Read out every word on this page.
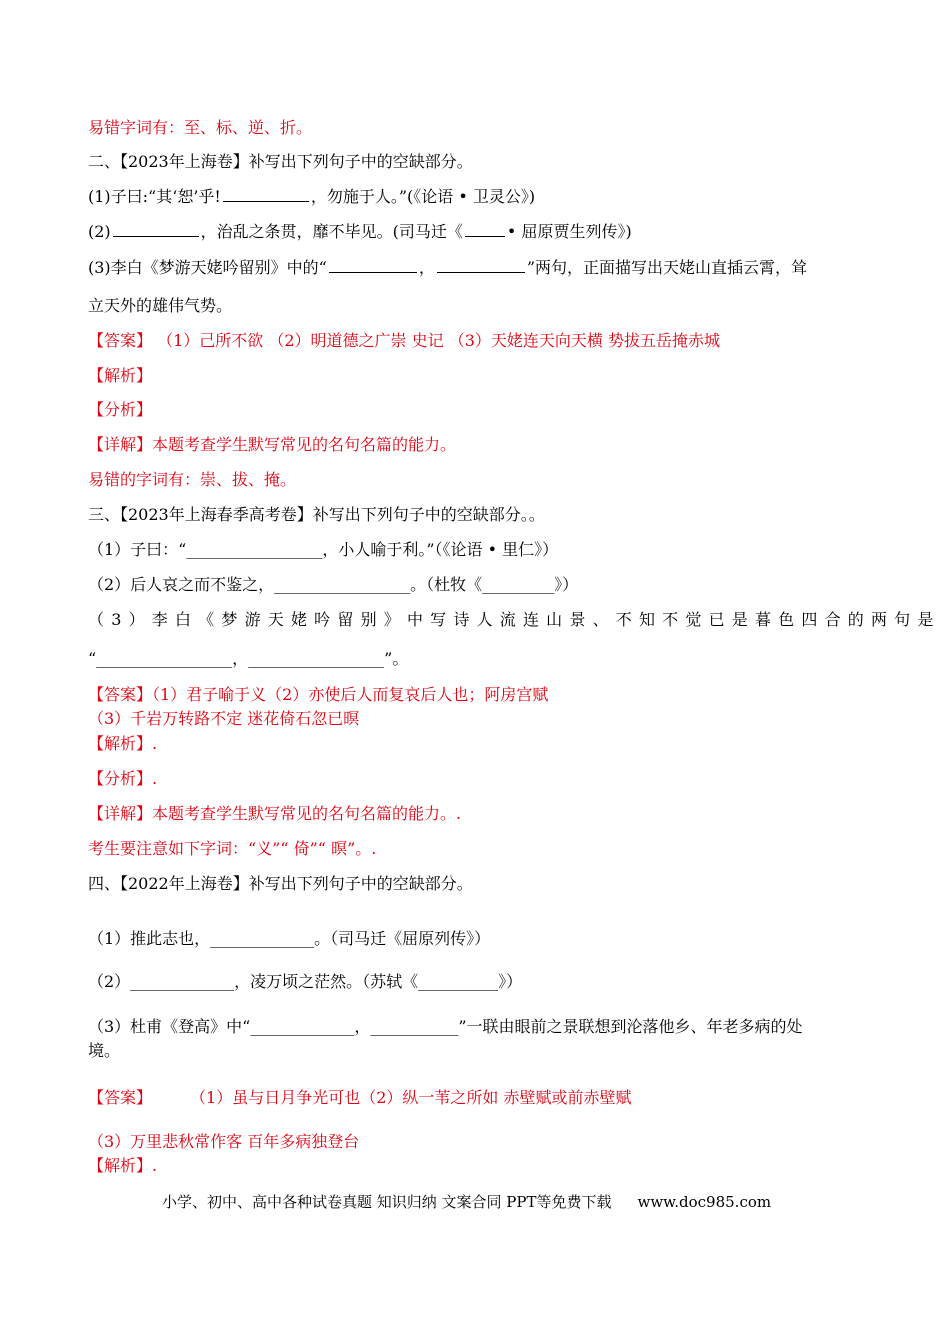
易错字词有：至、标、逆、折。
二、【2023年上海卷】补写出下列句子中的空缺部分。
(1)子曰:“其‘恕’乎!	，勿施于人。”(《论语 • 卫灵公》)
(2)	，治乱之条贯，靡不毕见。(司马迁《	• 屈原贾生列传》)
(3)李白《梦游天姥吟留别》中的“	，	”两句，正面描写出天姥山直插云霄，耸
立天外的雄伟气势。
【答案】 （1）己所不欲 （2）明道德之广崇 史记 （3）天姥连天向天横 势拔五岳掩赤城
【解析】
【分析】
【详解】本题考查学生默写常见的名句名篇的能力。
易错的字词有：崇、拔、掩。
三、【2023年上海春季高考卷】补写出下列句子中的空缺部分。。
（1）子曰：“_________________，小人喻于利。”（《论语 • 里仁》）
（2）后人哀之而不鉴之，_________________。（杜牧《_________》）
（3）李白《梦游天姥吟留别》中写诗人流连山景、不知不觉已是暮色四合的两句是
“_________________，_________________”。
【答案】（1）君子喻于义（2）亦使后人而复哀后人也；阿房宫赋
（3）千岩万转路不定 迷花倚石忽已暝
【解析】.
【分析】.
【详解】本题考查学生默写常见的名句名篇的能力。.
考生要注意如下字词：“义”“ 倚”“ 暝”。.
四、【2022年上海卷】补写出下列句子中的空缺部分。
（1）推此志也，_____________。（司马迁《屈原列传》）
（2）_____________，凌万顷之茫然。（苏轼《__________》）
（3）杜甫《登高》中“_____________，___________”一联由眼前之景联想到沦落他乡、年老多病的处
境。
【答案】 （1）虽与日月争光可也（2）纵一苇之所如 赤壁赋或前赤壁赋
（3）万里悲秋常作客 百年多病独登台
【解析】.
小学、初中、高中各种试卷真题 知识归纳 文案合同 PPT等免费下载 www.doc985.com
